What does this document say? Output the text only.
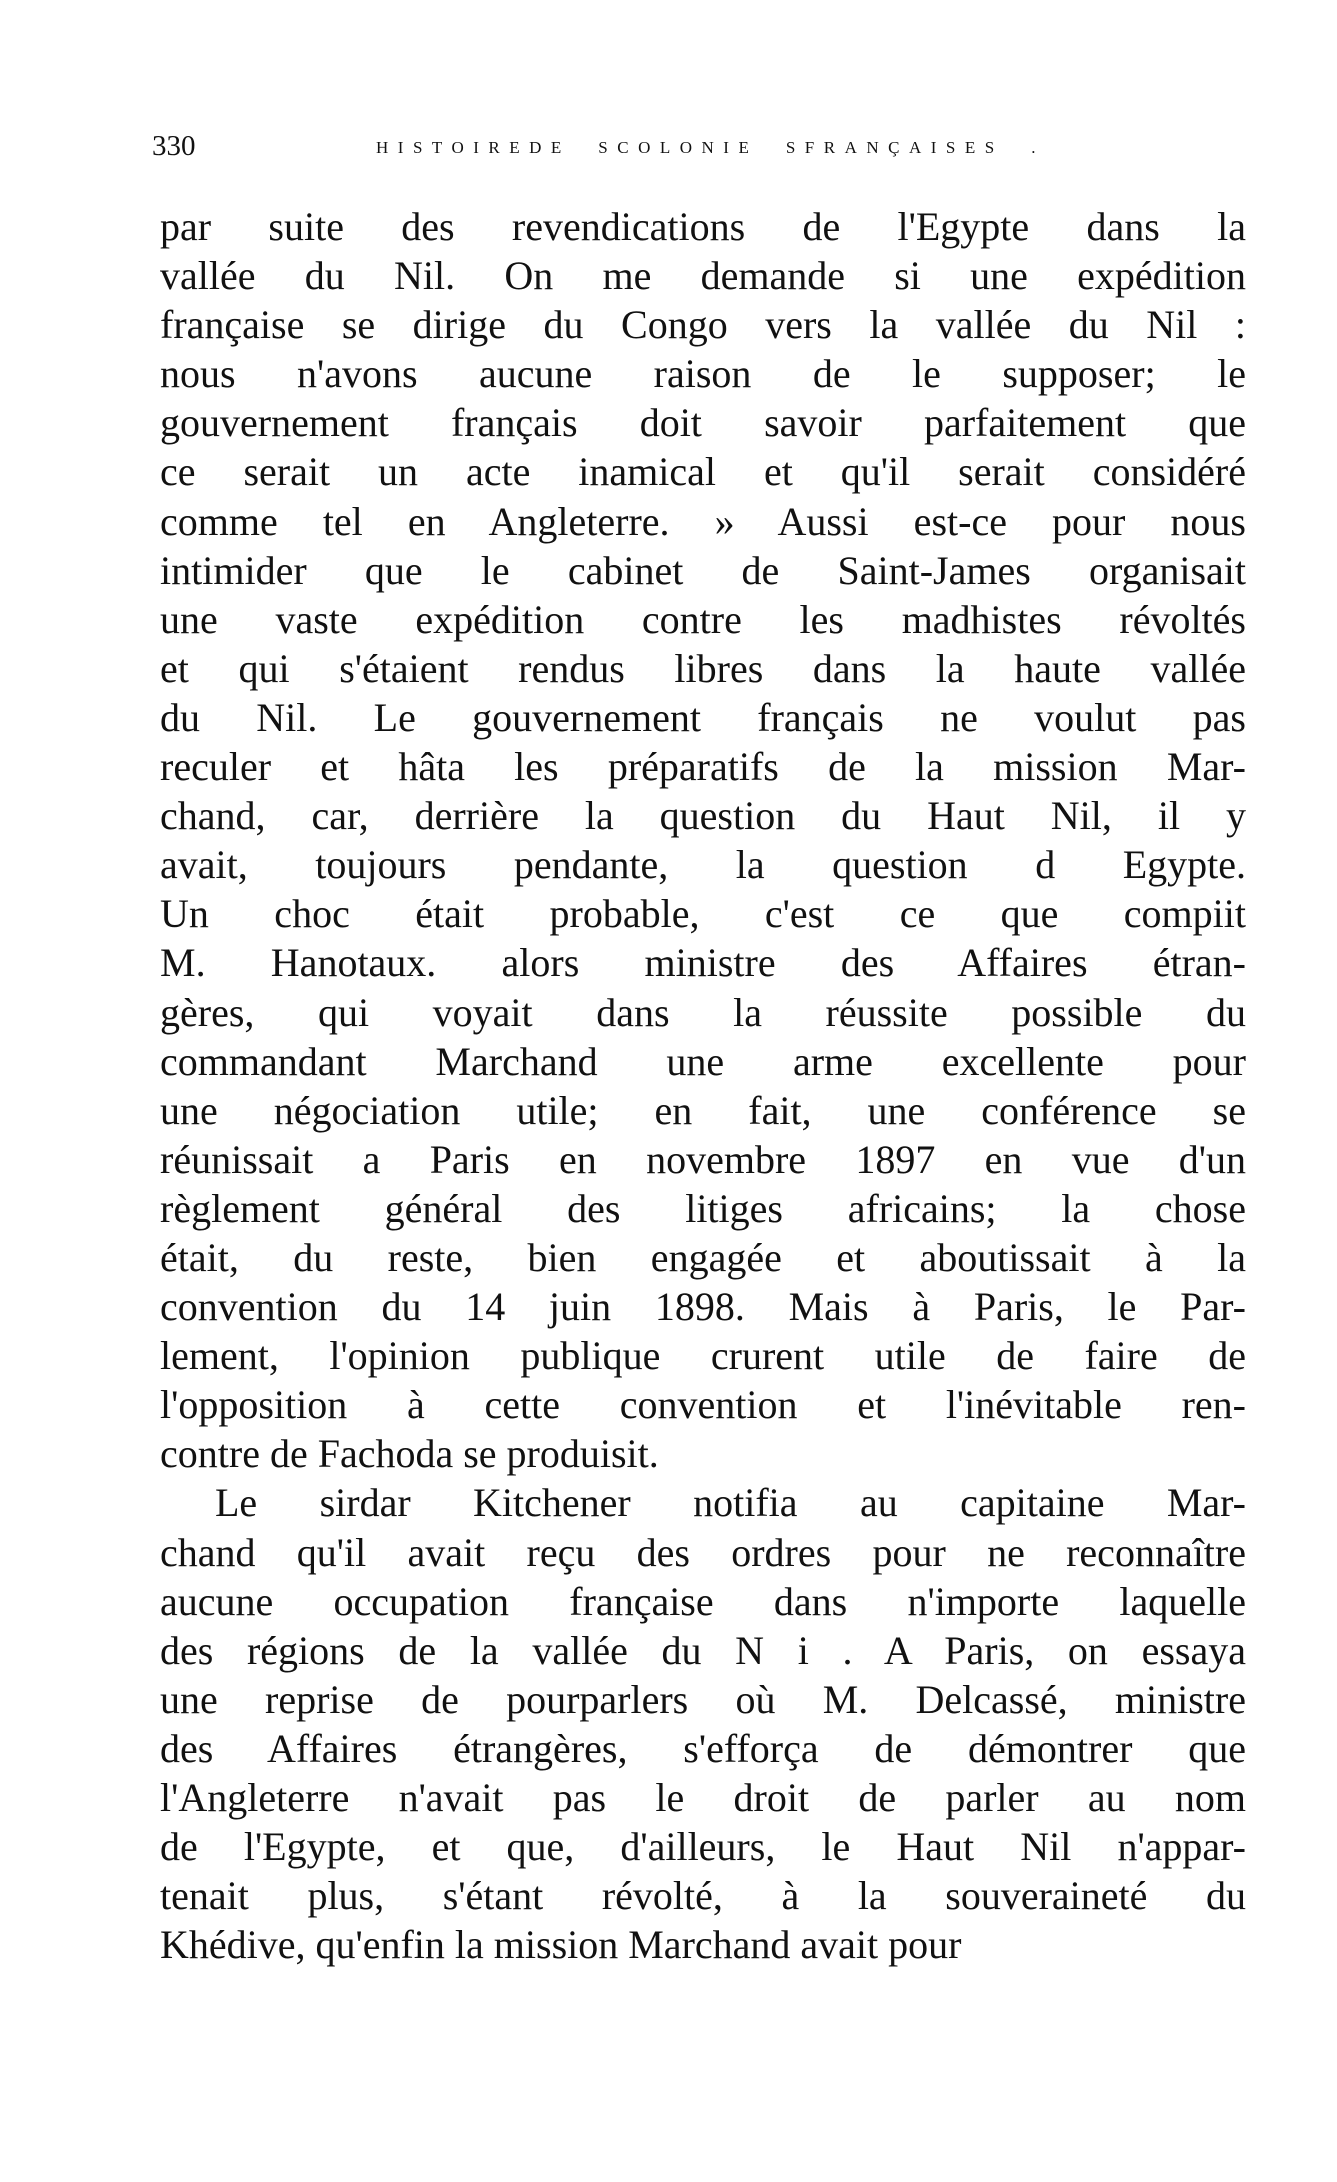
330	HISTOIREDE  SCOLONIE  SFRANÇAISES  .
par suite des revendications de l'Egypte dans la
vallée du Nil. On me demande si une expédition
française se dirige du Congo vers la vallée du Nil :
nous n'avons aucune raison de le supposer; le
gouvernement français doit savoir parfaitement que
ce serait un acte inamical et qu'il serait considéré
comme tel en Angleterre. » Aussi est-ce pour nous
intimider que le cabinet de Saint-James organisait
une vaste expédition contre les madhistes révoltés
et qui s'étaient rendus libres dans la haute vallée
du Nil. Le gouvernement français ne voulut pas
reculer et hâta les préparatifs de la mission Mar-
chand, car, derrière la question du Haut Nil, il y
avait, toujours pendante, la question d Egypte.
Un choc était probable, c'est ce que compiit
M. Hanotaux. alors ministre des Affaires étran-
gères, qui voyait dans la réussite possible du
commandant Marchand une arme excellente pour
une négociation utile; en fait, une conférence se
réunissait a Paris en novembre 1897 en vue d'un
règlement général des litiges africains; la chose
était, du reste, bien engagée et aboutissait à la
convention du 14 juin 1898. Mais à Paris, le Par-
lement, l'opinion publique crurent utile de faire de
l'opposition à cette convention et l'inévitable ren-
contre de Fachoda se produisit.
Le sirdar Kitchener notifia au capitaine Mar-
chand qu'il avait reçu des ordres pour ne reconnaître
aucune occupation française dans n'importe laquelle
des régions de la vallée du N i . A Paris, on essaya
une reprise de pourparlers où M. Delcassé, ministre
des Affaires étrangères, s'efforça de démontrer que
l'Angleterre n'avait pas le droit de parler au nom
de l'Egypte, et que, d'ailleurs, le Haut Nil n'appar-
tenait plus, s'étant révolté, à la souveraineté du
Khédive, qu'enfin la mission Marchand avait pour
